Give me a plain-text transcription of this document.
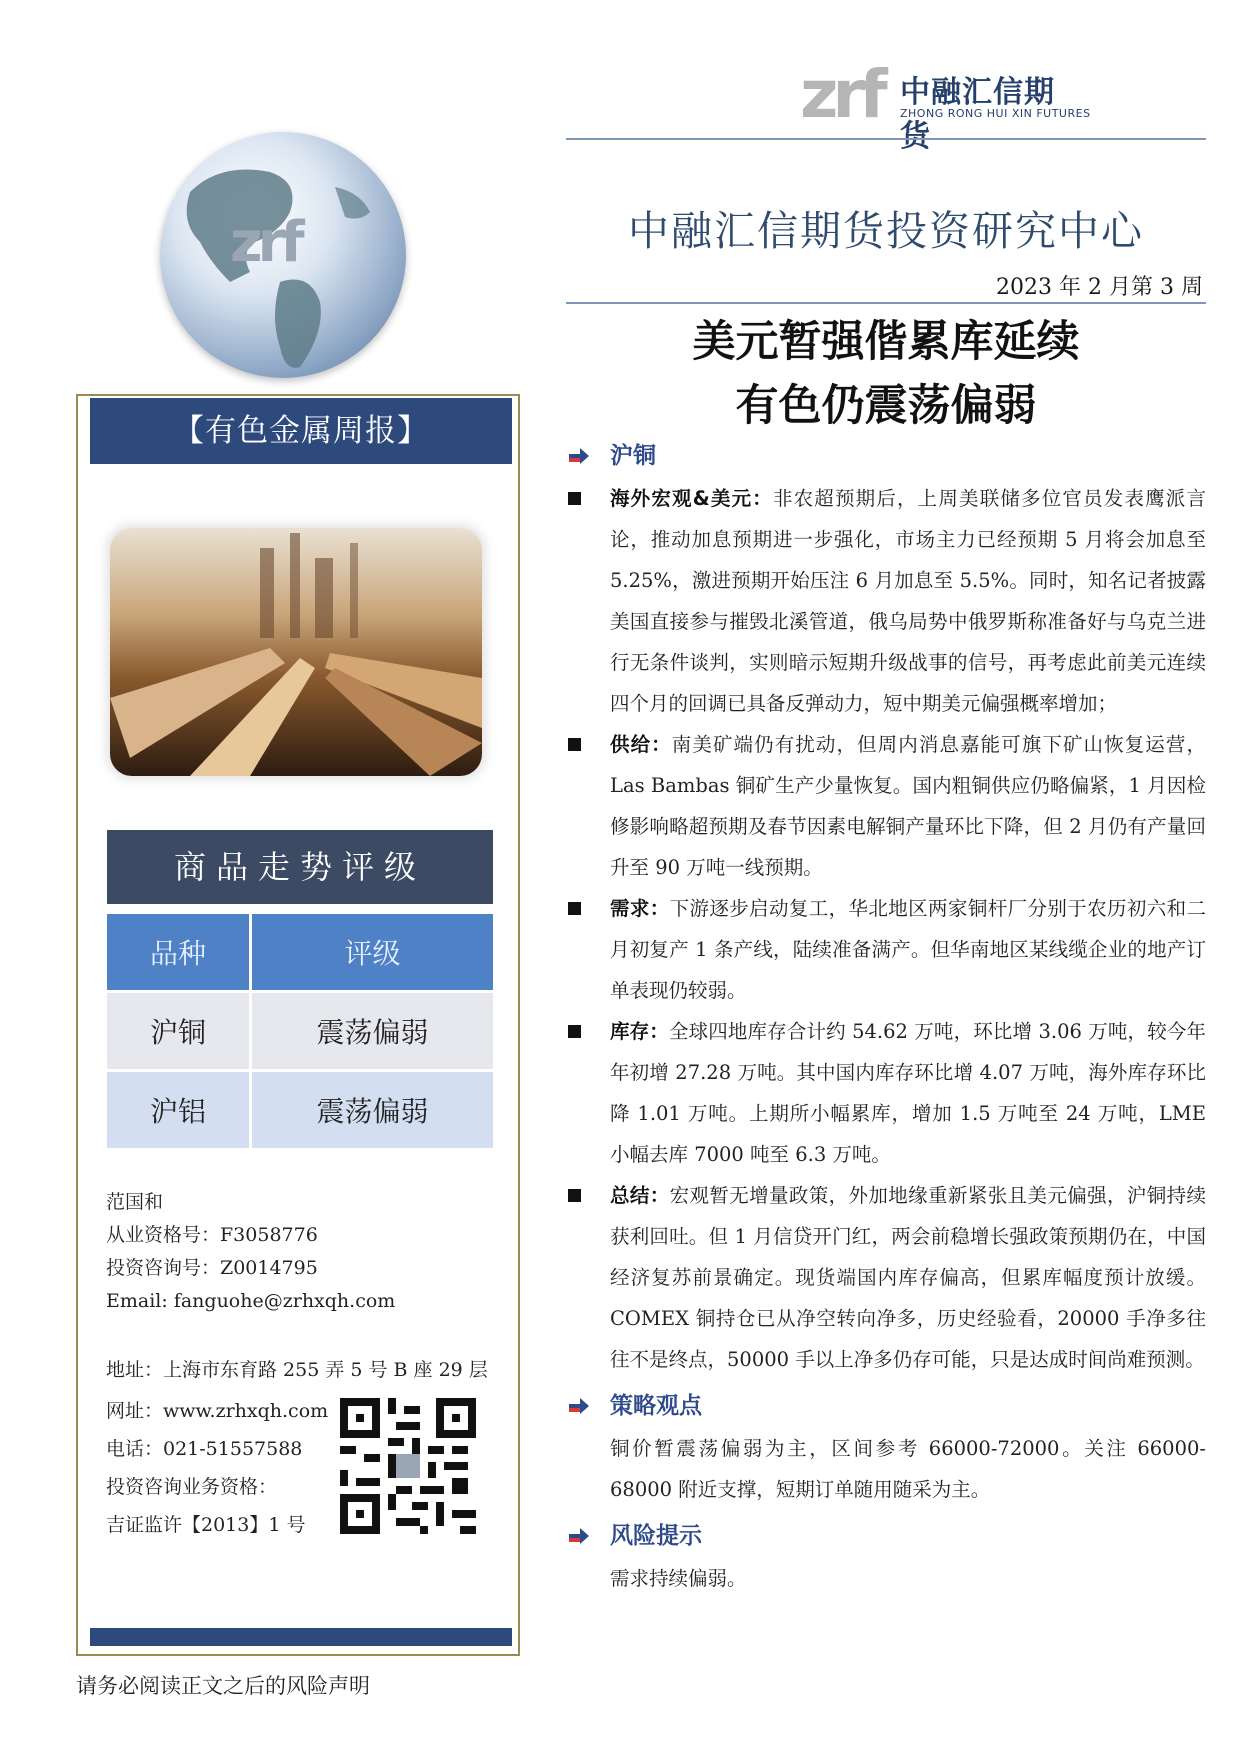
zrf 中融汇信期货
ZHONG RONG HUI XIN FUTURES
中融汇信期货投资研究中心
2023 年 2 月第 3 周
美元暂强偕累库延续
有色仍震荡偏弱
zrf
【有色金属周报】
商品走势评级
品种	评级
沪铜	震荡偏弱
沪铝	震荡偏弱
范国和
从业资格号：F3058776
投资咨询号：Z0014795
Email: fanguohe@zrhxqh.com
地址：上海市东育路 255 弄 5 号 B 座 29 层
网址：www.zrhxqh.com
电话：021-51557588
投资咨询业务资格：
吉证监许【2013】1 号
请务必阅读正文之后的风险声明
沪铜
海外宏观&美元：非农超预期后，上周美联储多位官员发表鹰派言论，推动加息预期进一步强化，市场主力已经预期 5 月将会加息至 5.25%，激进预期开始压注 6 月加息至 5.5%。同时，知名记者披露美国直接参与摧毁北溪管道，俄乌局势中俄罗斯称准备好与乌克兰进行无条件谈判，实则暗示短期升级战事的信号，再考虑此前美元连续四个月的回调已具备反弹动力，短中期美元偏强概率增加；
供给：南美矿端仍有扰动，但周内消息嘉能可旗下矿山恢复运营，Las Bambas 铜矿生产少量恢复。国内粗铜供应仍略偏紧，1 月因检修影响略超预期及春节因素电解铜产量环比下降，但 2 月仍有产量回升至 90 万吨一线预期。
需求：下游逐步启动复工，华北地区两家铜杆厂分别于农历初六和二月初复产 1 条产线，陆续准备满产。但华南地区某线缆企业的地产订单表现仍较弱。
库存：全球四地库存合计约 54.62 万吨，环比增 3.06 万吨，较今年年初增 27.28 万吨。其中国内库存环比增 4.07 万吨，海外库存环比降 1.01 万吨。上期所小幅累库，增加 1.5 万吨至 24 万吨，LME 小幅去库 7000 吨至 6.3 万吨。
总结：宏观暂无增量政策，外加地缘重新紧张且美元偏强，沪铜持续获利回吐。但 1 月信贷开门红，两会前稳增长强政策预期仍在，中国经济复苏前景确定。现货端国内库存偏高，但累库幅度预计放缓。COMEX 铜持仓已从净空转向净多，历史经验看，20000 手净多往往不是终点，50000 手以上净多仍存可能，只是达成时间尚难预测。
策略观点
铜价暂震荡偏弱为主，区间参考 66000-72000。关注 66000-68000 附近支撑，短期订单随用随采为主。
风险提示
需求持续偏弱。
